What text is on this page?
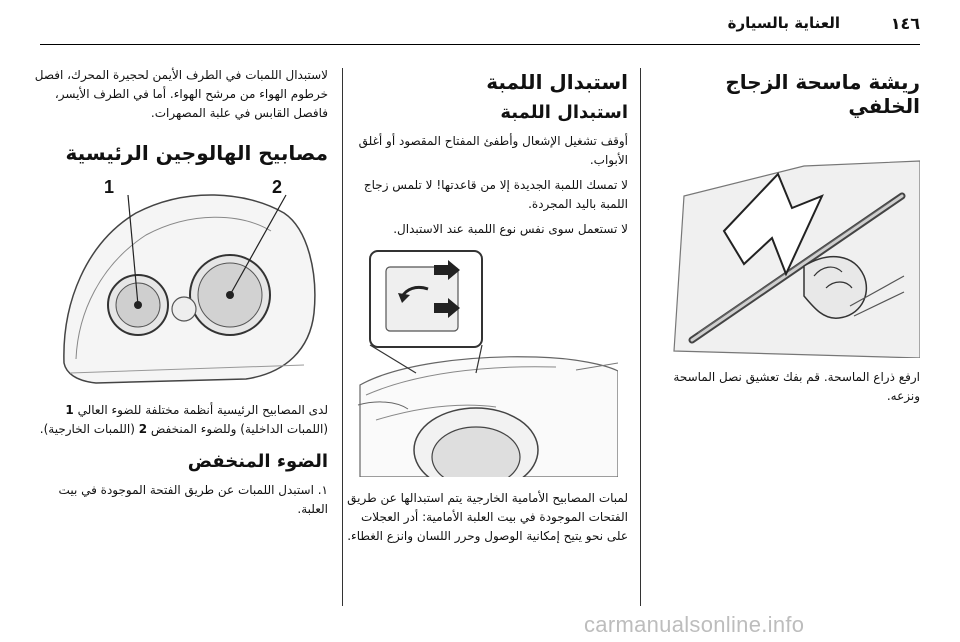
١٤٦
العناية بالسيارة
ريشة ماسحة الزجاج الخلفي

ارفع ذراع الماسحة. قم بفك تعشيق نصل الماسحة ونزعه.

استبدال اللمبة
استبدال اللمبة

أوقف تشغيل الإشعال وأطفئ المفتاح المقصود أو أغلق الأبواب.

لا تمسك اللمبة الجديدة إلا من قاعدتها! لا تلمس زجاج اللمبة باليد المجردة.

لا تستعمل سوى نفس نوع اللمبة عند الاستبدال.

لمبات المصابيح الأمامية الخارجية يتم استبدالها عن طريق الفتحات الموجودة في بيت العلبة الأمامية: أدر العجلات على نحو يتيح إمكانية الوصول وحرر اللسان وانزع الغطاء.

لاستبدال اللمبات في الطرف الأيمن لحجيرة المحرك، افصل خرطوم الهواء من مرشح الهواء. أما في الطرف الأيسر، فافصل القابس في علبة المصهرات.

مصابيح الهالوجين الرئيسية
1	2

لدى المصابيح الرئيسية أنظمة مختلفة للضوء العالي 1 (اللمبات الداخلية) وللضوء المنخفض 2 (اللمبات الخارجية).

الضوء المنخفض

١. استبدل اللمبات عن طريق الفتحة الموجودة في بيت العلبة.

carmanualsonline.info
